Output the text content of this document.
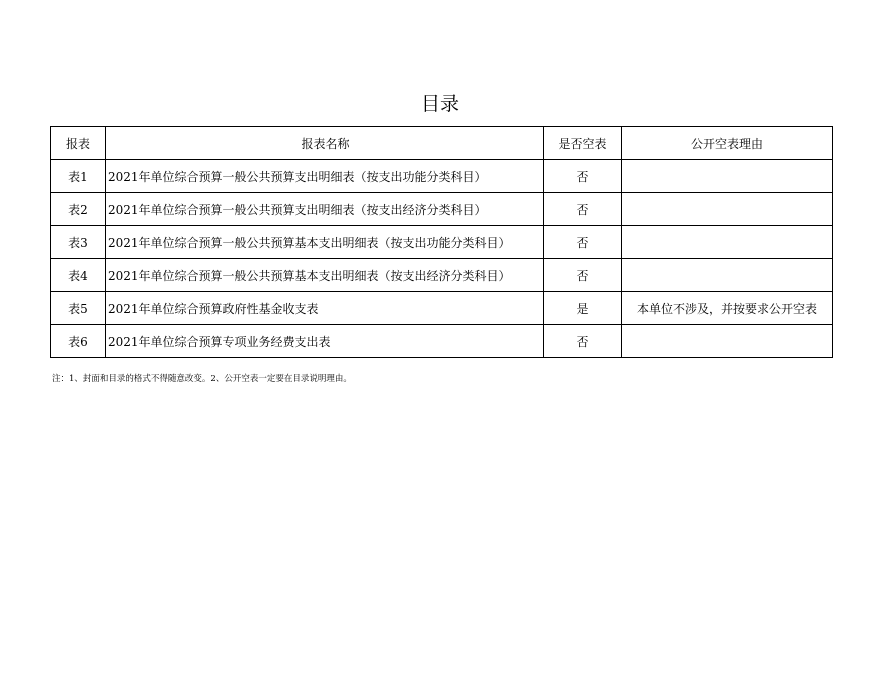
目录
报表	报表名称	是否空表	公开空表理由
表1	2021年单位综合预算一般公共预算支出明细表（按支出功能分类科目）	否	
表2	2021年单位综合预算一般公共预算支出明细表（按支出经济分类科目）	否	
表3	2021年单位综合预算一般公共预算基本支出明细表（按支出功能分类科目）	否	
表4	2021年单位综合预算一般公共预算基本支出明细表（按支出经济分类科目）	否	
表5	2021年单位综合预算政府性基金收支表	是	本单位不涉及，并按要求公开空表
表6	2021年单位综合预算专项业务经费支出表	否	
注：1、封面和目录的格式不得随意改变。2、公开空表一定要在目录说明理由。
